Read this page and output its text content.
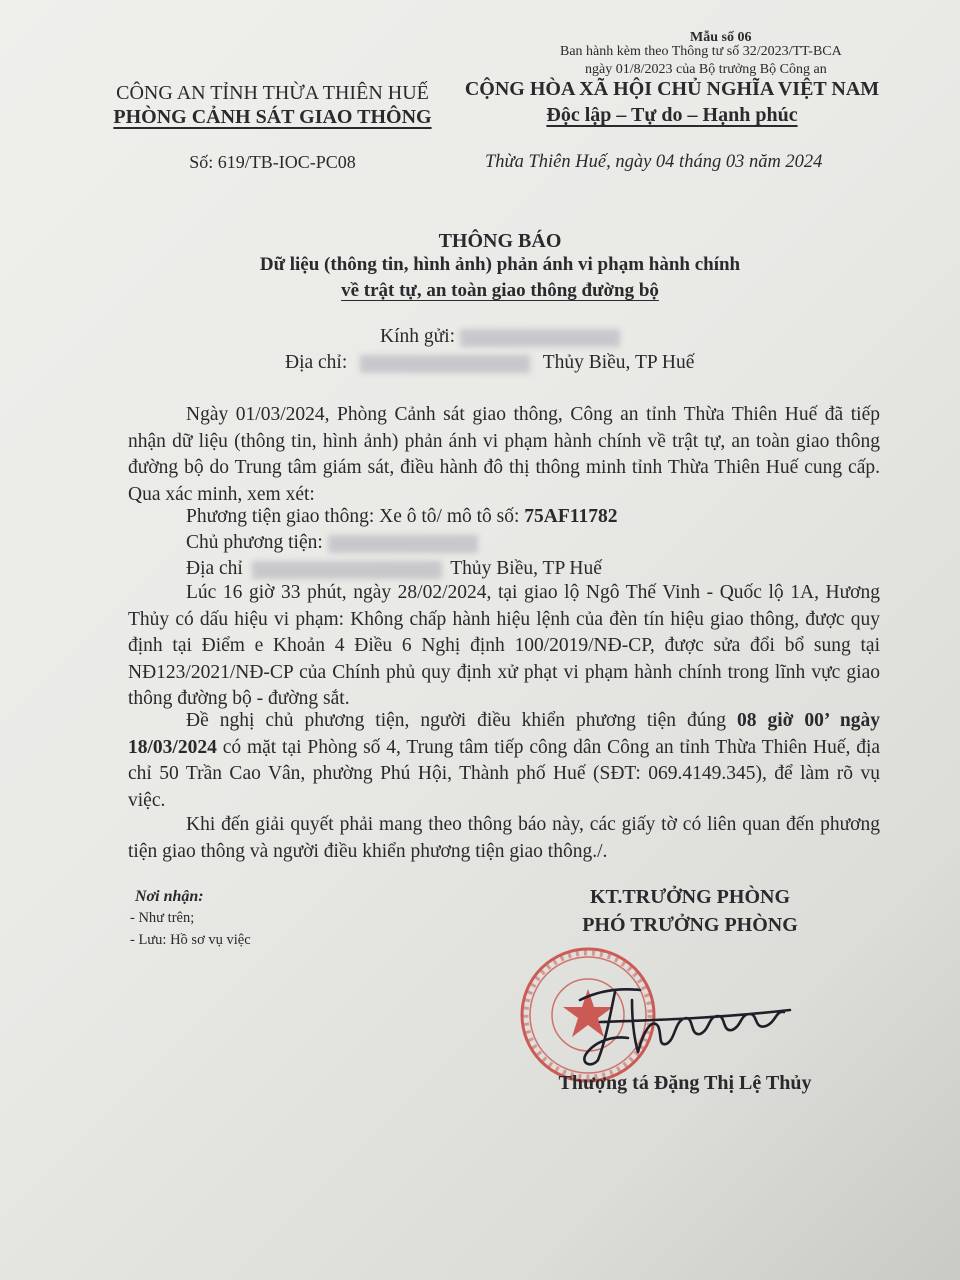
Mẫu số 06
Ban hành kèm theo Thông tư số 32/2023/TT-BCA
ngày 01/8/2023 của Bộ trưởng Bộ Công an
CÔNG AN TỈNH THỪA THIÊN HUẾ
PHÒNG CẢNH SÁT GIAO THÔNG
Số: 619/TB-IOC-PC08
CỘNG HÒA XÃ HỘI CHỦ NGHĨA VIỆT NAM
Độc lập – Tự do – Hạnh phúc
Thừa Thiên Huế, ngày 04 tháng 03 năm 2024
THÔNG BÁO
Dữ liệu (thông tin, hình ảnh) phản ánh vi phạm hành chính
về trật tự, an toàn giao thông đường bộ
Kính gửi:
Địa chỉ:	Thủy Biều, TP Huế
Ngày 01/03/2024, Phòng Cảnh sát giao thông, Công an tỉnh Thừa Thiên Huế đã tiếp nhận dữ liệu (thông tin, hình ảnh) phản ánh vi phạm hành chính về trật tự, an toàn giao thông đường bộ do Trung tâm giám sát, điều hành đô thị thông minh tỉnh Thừa Thiên Huế cung cấp. Qua xác minh, xem xét:
Phương tiện giao thông: Xe ô tô/ mô tô số: 75AF11782
Chủ phương tiện:
Địa chỉ	Thủy Biều, TP Huế
Lúc 16 giờ 33 phút, ngày 28/02/2024, tại giao lộ Ngô Thế Vinh - Quốc lộ 1A, Hương Thủy có dấu hiệu vi phạm: Không chấp hành hiệu lệnh của đèn tín hiệu giao thông, được quy định tại Điểm e Khoản 4 Điều 6 Nghị định 100/2019/NĐ-CP, được sửa đổi bổ sung tại NĐ123/2021/NĐ-CP của Chính phủ quy định xử phạt vi phạm hành chính trong lĩnh vực giao thông đường bộ - đường sắt.
Đề nghị chủ phương tiện, người điều khiển phương tiện đúng 08 giờ 00’ ngày 18/03/2024 có mặt tại Phòng số 4, Trung tâm tiếp công dân Công an tỉnh Thừa Thiên Huế, địa chỉ 50 Trần Cao Vân, phường Phú Hội, Thành phố Huế (SĐT: 069.4149.345), để làm rõ vụ việc.
Khi đến giải quyết phải mang theo thông báo này, các giấy tờ có liên quan đến phương tiện giao thông và người điều khiển phương tiện giao thông./.
Nơi nhận:
- Như trên;
- Lưu: Hồ sơ vụ việc
KT.TRƯỞNG PHÒNG
PHÓ TRƯỞNG PHÒNG
Thượng tá Đặng Thị Lệ Thủy
